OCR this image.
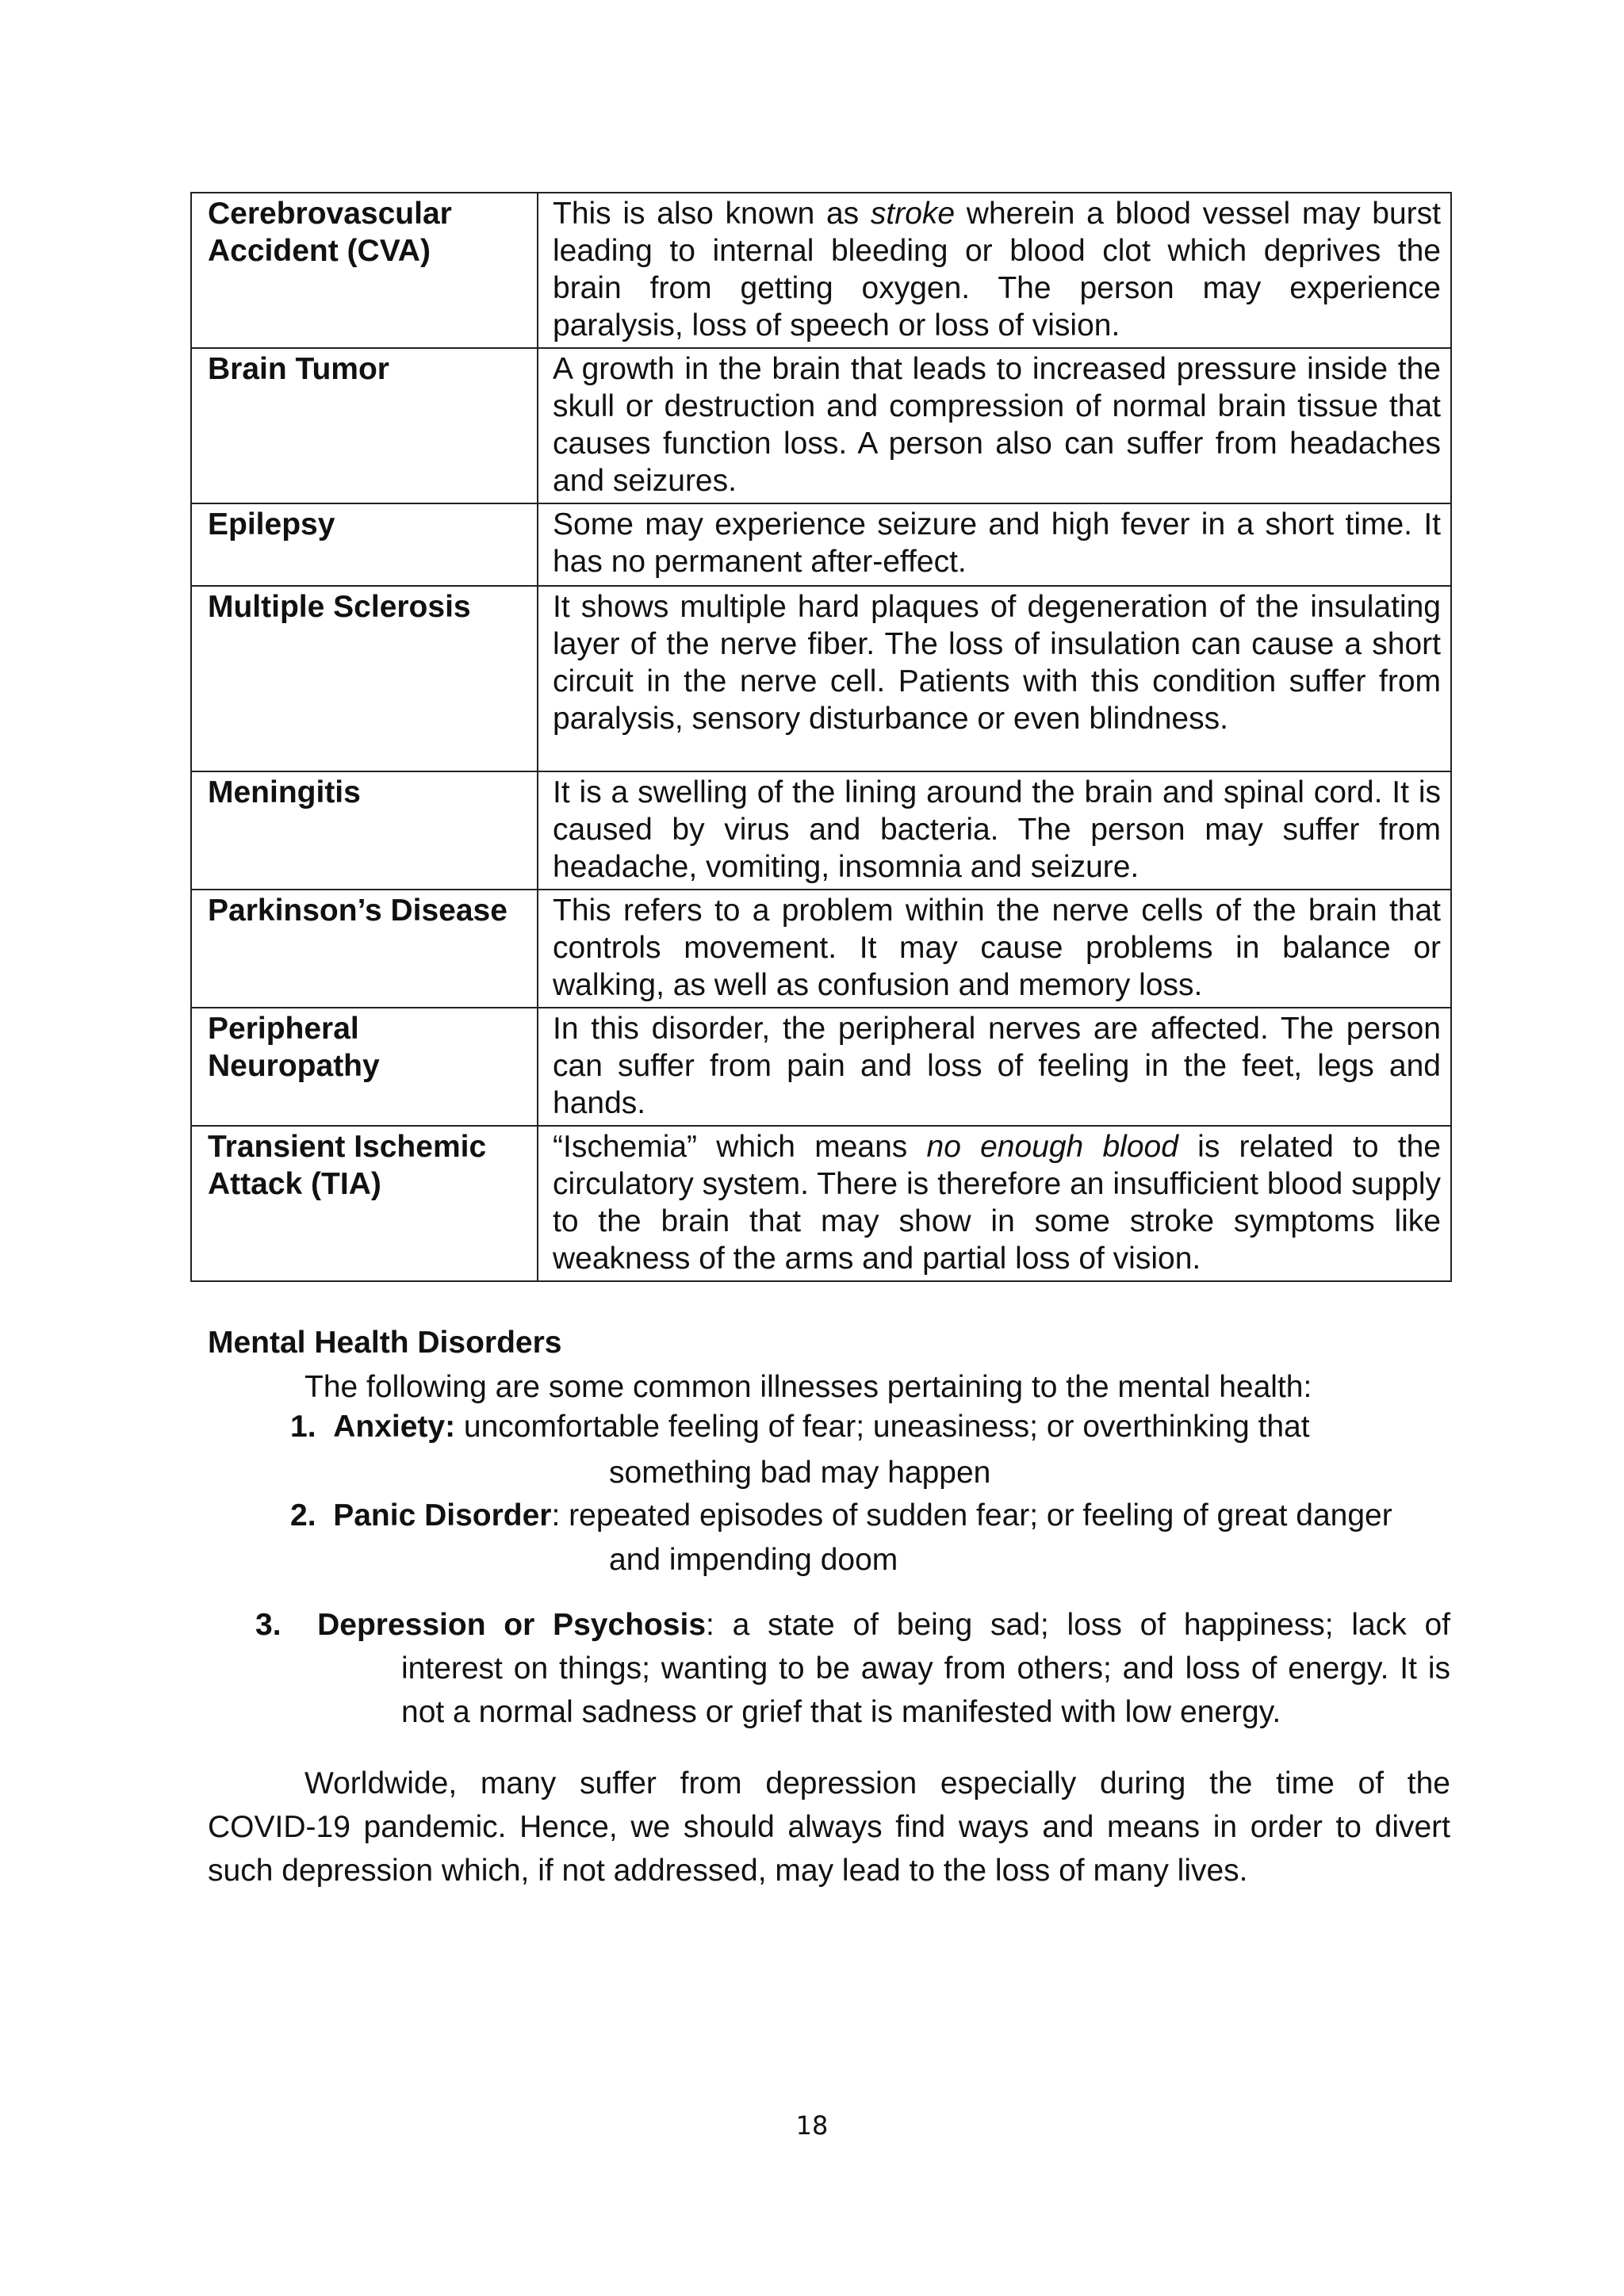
Cerebrovascular Accident (CVA)	This is also known as stroke wherein a blood vessel may burst leading to internal bleeding or blood clot which deprives the brain from getting oxygen. The person may experience paralysis, loss of speech or loss of vision.
Brain Tumor	A growth in the brain that leads to increased pressure inside the skull or destruction and compression of normal brain tissue that causes function loss. A person also can suffer from headaches and seizures.
Epilepsy	Some may experience seizure and high fever in a short time. It has no permanent after-effect.
Multiple Sclerosis	It shows multiple hard plaques of degeneration of the insulating layer of the nerve fiber. The loss of insulation can cause a short circuit in the nerve cell. Patients with this condition suffer from paralysis, sensory disturbance or even blindness.
Meningitis	It is a swelling of the lining around the brain and spinal cord. It is caused by virus and bacteria. The person may suffer from headache, vomiting, insomnia and seizure.
Parkinson’s Disease	This refers to a problem within the nerve cells of the brain that controls movement. It may cause problems in balance or walking, as well as confusion and memory loss.
Peripheral Neuropathy	In this disorder, the peripheral nerves are affected. The person can suffer from pain and loss of feeling in the feet, legs and hands.
Transient Ischemic Attack (TIA)	“Ischemia” which means no enough blood is related to the circulatory system. There is therefore an insufficient blood supply to the brain that may show in some stroke symptoms like weakness of the arms and partial loss of vision.
Mental Health Disorders
The following are some common illnesses pertaining to the mental health:
1. Anxiety: uncomfortable feeling of fear; uneasiness; or overthinking that
something bad may happen
2. Panic Disorder: repeated episodes of sudden fear; or feeling of great danger
and impending doom
3. Depression or Psychosis: a state of being sad; loss of happiness; lack of
interest on things; wanting to be away from others; and loss of energy. It is not a normal sadness or grief that is manifested with low energy.
Worldwide, many suffer from depression especially during the time of the
COVID-19 pandemic. Hence, we should always find ways and means in order to divert
such depression which, if not addressed, may lead to the loss of many lives.
18
